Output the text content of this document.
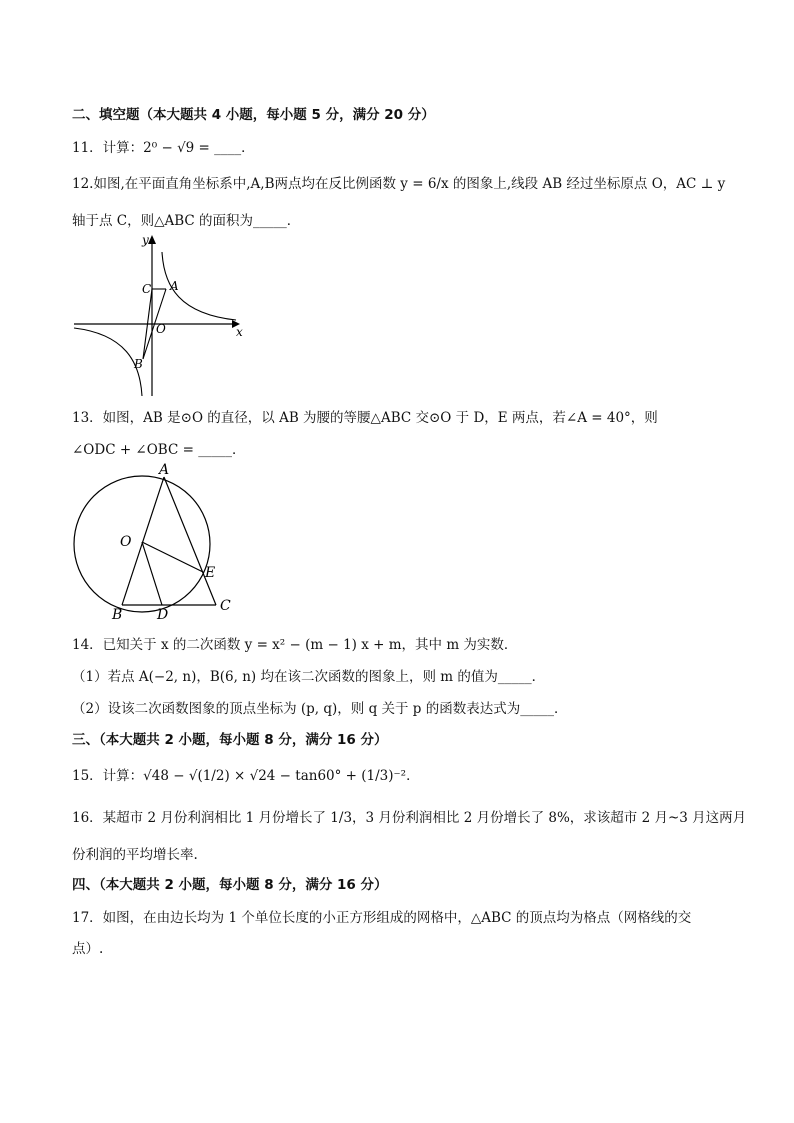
二、填空题（本大题共 4 小题，每小题 5 分，满分 20 分）
11．计算：2⁰ − √9 = ____．
12.如图,在平面直角坐标系中,A,B两点均在反比例函数 y = 6/x 的图象上,线段 AB 经过坐标原点 O，AC ⊥ y
轴于点 C，则△ABC 的面积为_____．
y
x
C A
O
B
13．如图，AB 是⊙O 的直径，以 AB 为腰的等腰△ABC 交⊙O 于 D，E 两点，若∠A = 40°，则
∠ODC + ∠OBC = _____．
A
O
E
B D
C
14．已知关于 x 的二次函数 y = x² − (m − 1) x + m，其中 m 为实数．
（1）若点 A(−2, n)，B(6, n) 均在该二次函数的图象上，则 m 的值为_____．
（2）设该二次函数图象的顶点坐标为 (p, q)，则 q 关于 p 的函数表达式为_____．
三、（本大题共 2 小题，每小题 8 分，满分 16 分）
15．计算：√48 − √(1/2) × √24 − tan60° + (1/3)⁻²．
16．某超市 2 月份利润相比 1 月份增长了 1/3，3 月份利润相比 2 月份增长了 8%，求该超市 2 月~3 月这两月
份利润的平均增长率.
四、（本大题共 2 小题，每小题 8 分，满分 16 分）
17．如图，在由边长均为 1 个单位长度的小正方形组成的网格中，△ABC 的顶点均为格点（网格线的交
点）.
